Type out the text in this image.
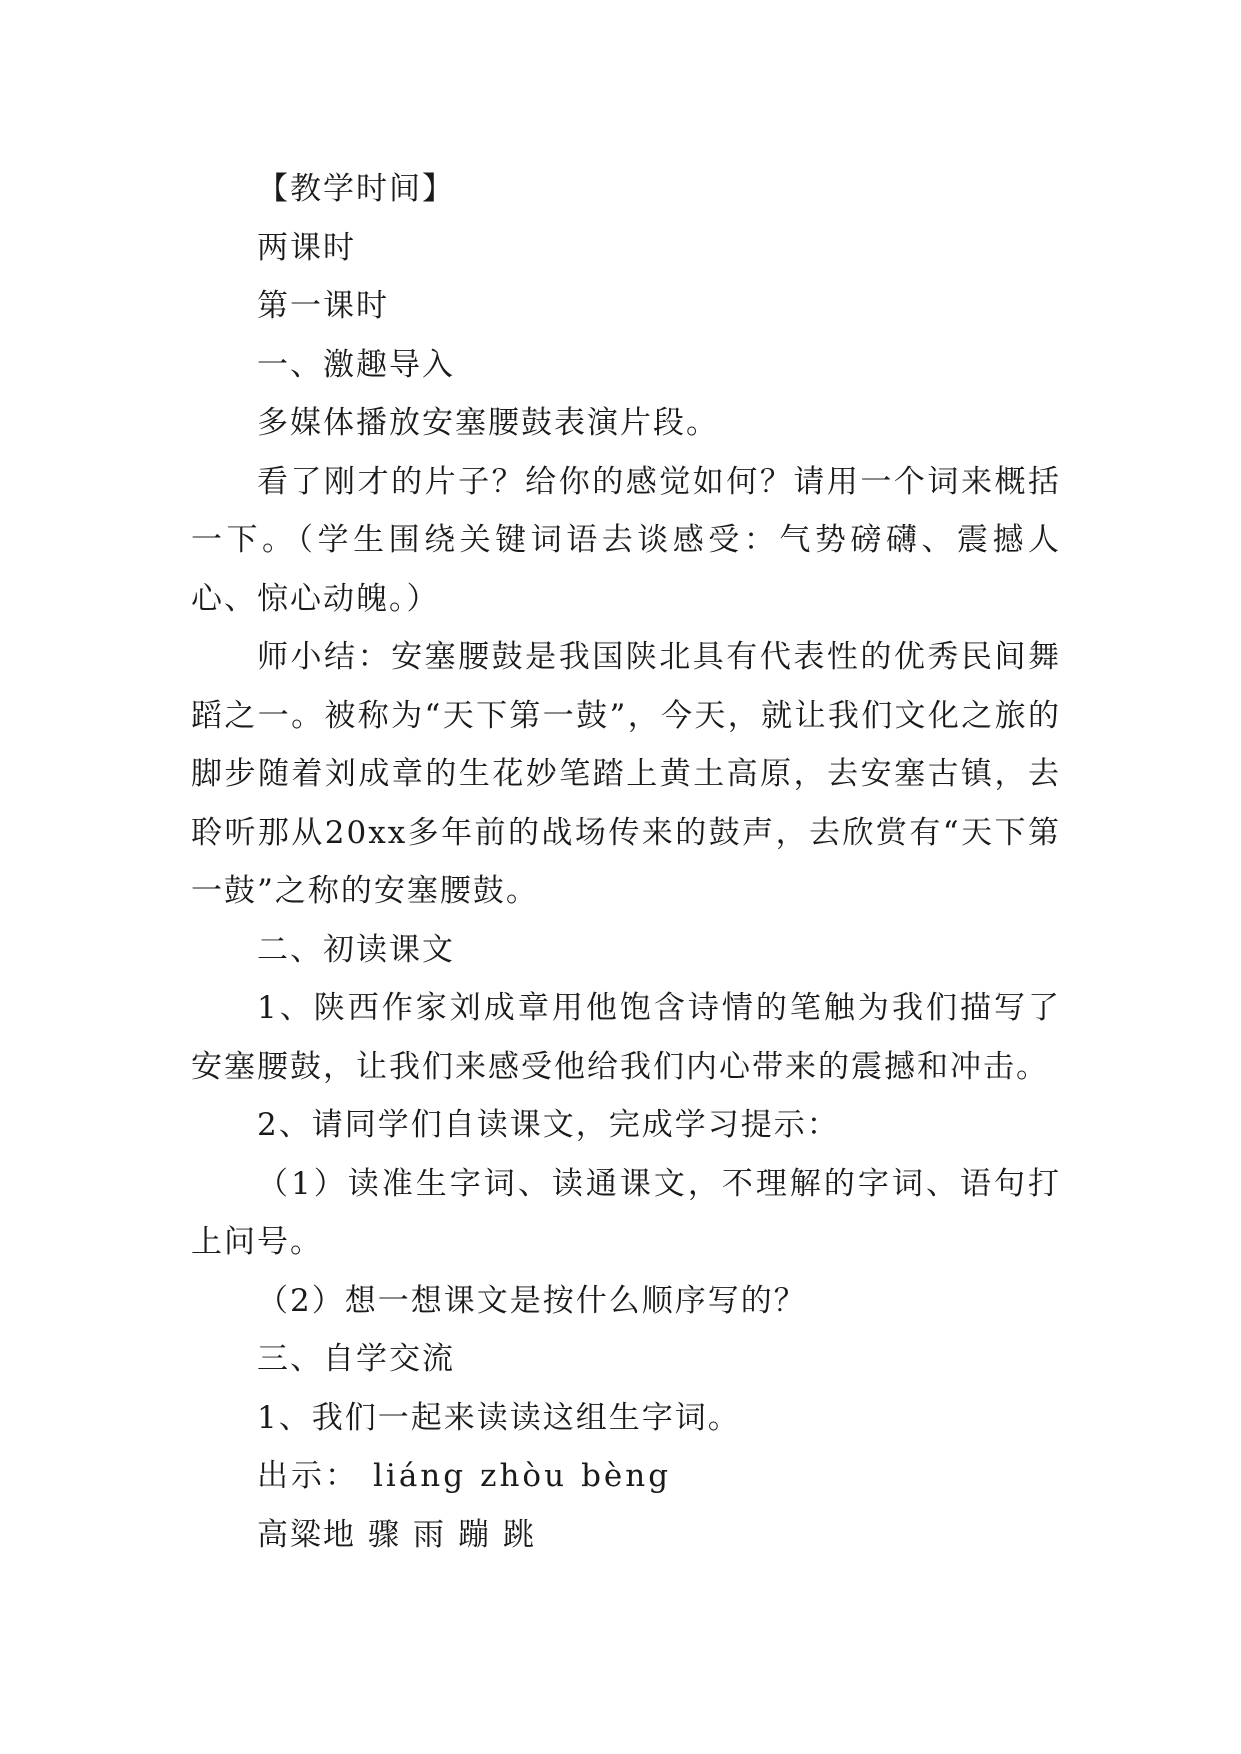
【教学时间】

两课时

第一课时

一、激趣导入

多媒体播放安塞腰鼓表演片段。

看了刚才的片子？给你的感觉如何？请用一个词来概括一下。（学生围绕关键词语去谈感受：气势磅礴、震撼人心、惊心动魄。）

师小结：安塞腰鼓是我国陕北具有代表性的优秀民间舞蹈之一。被称为“天下第一鼓”，今天，就让我们文化之旅的脚步随着刘成章的生花妙笔踏上黄土高原，去安塞古镇，去聆听那从20xx多年前的战场传来的鼓声，去欣赏有“天下第一鼓”之称的安塞腰鼓。

二、初读课文

1、陕西作家刘成章用他饱含诗情的笔触为我们描写了安塞腰鼓，让我们来感受他给我们内心带来的震撼和冲击。

2、请同学们自读课文，完成学习提示：

（1）读准生字词、读通课文，不理解的字词、语句打上问号。

（2）想一想课文是按什么顺序写的？

三、自学交流

1、我们一起来读读这组生字词。

出示： liáng zhòu bèng

高粱地 骤 雨 蹦 跳
